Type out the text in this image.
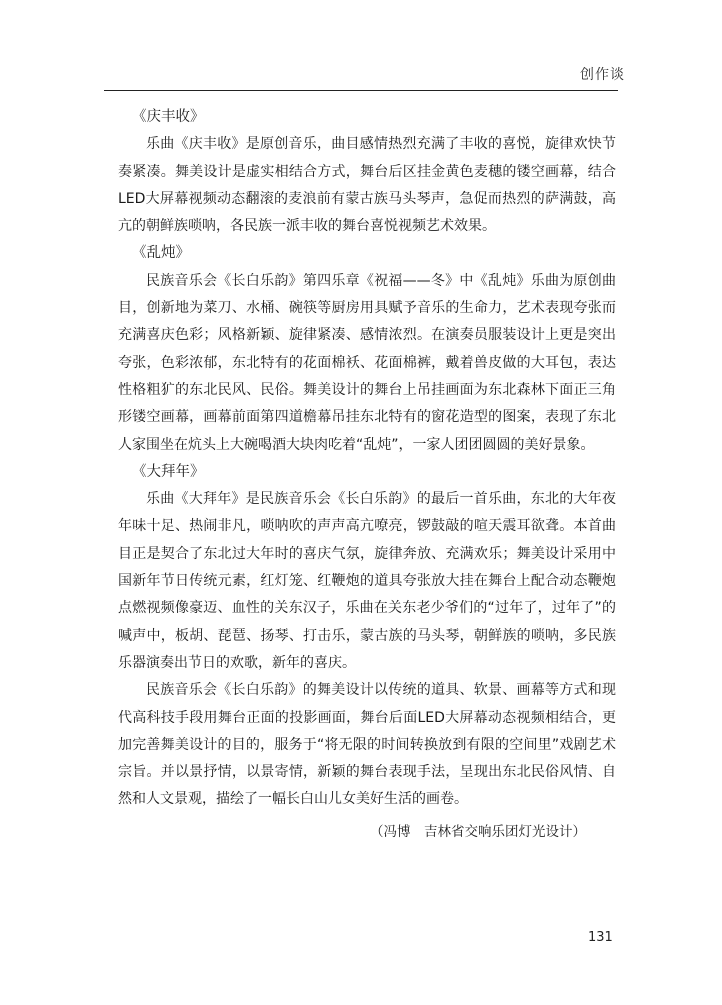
创作谈

《庆丰收》

乐曲《庆丰收》是原创音乐，曲目感情热烈充满了丰收的喜悦，旋律欢快节奏紧凑。舞美设计是虚实相结合方式，舞台后区挂金黄色麦穗的镂空画幕，结合LED大屏幕视频动态翻滚的麦浪前有蒙古族马头琴声，急促而热烈的萨满鼓，高亢的朝鲜族唢呐，各民族一派丰收的舞台喜悦视频艺术效果。

《乱炖》

民族音乐会《长白乐韵》第四乐章《祝福——冬》中《乱炖》乐曲为原创曲目，创新地为菜刀、水桶、碗筷等厨房用具赋予音乐的生命力，艺术表现夸张而充满喜庆色彩；风格新颖、旋律紧凑、感情浓烈。在演奏员服装设计上更是突出夸张，色彩浓郁，东北特有的花面棉袄、花面棉裤，戴着兽皮做的大耳包，表达性格粗犷的东北民风、民俗。舞美设计的舞台上吊挂画面为东北森林下面正三角形镂空画幕，画幕前面第四道檐幕吊挂东北特有的窗花造型的图案，表现了东北人家围坐在炕头上大碗喝酒大块肉吃着“乱炖”，一家人团团圆圆的美好景象。

《大拜年》

乐曲《大拜年》是民族音乐会《长白乐韵》的最后一首乐曲，东北的大年夜年味十足、热闹非凡，唢呐吹的声声高亢嘹亮，锣鼓敲的喧天震耳欲聋。本首曲目正是契合了东北过大年时的喜庆气氛，旋律奔放、充满欢乐；舞美设计采用中国新年节日传统元素，红灯笼、红鞭炮的道具夸张放大挂在舞台上配合动态鞭炮点燃视频像豪迈、血性的关东汉子，乐曲在关东老少爷们的“过年了，过年了”的喊声中，板胡、琵琶、扬琴、打击乐，蒙古族的马头琴，朝鲜族的唢呐，多民族乐器演奏出节日的欢歌，新年的喜庆。

民族音乐会《长白乐韵》的舞美设计以传统的道具、软景、画幕等方式和现代高科技手段用舞台正面的投影画面，舞台后面LED大屏幕动态视频相结合，更加完善舞美设计的目的，服务于“将无限的时间转换放到有限的空间里”戏剧艺术宗旨。并以景抒情，以景寄情，新颖的舞台表现手法，呈现出东北民俗风情、自然和人文景观，描绘了一幅长白山儿女美好生活的画卷。

（冯博　吉林省交响乐团灯光设计）
131
